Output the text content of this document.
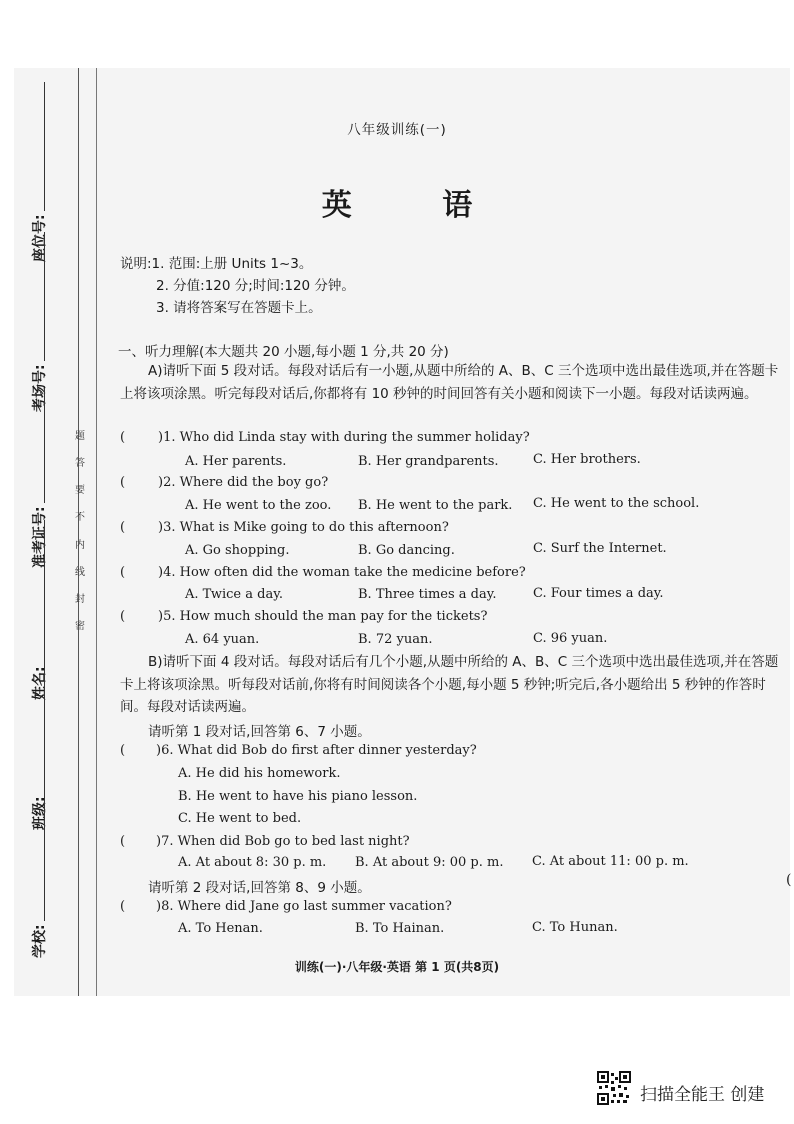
座位号:
考场号:
准考证号:
姓名:
班级:
学校:
题
答
要
不
内
线
封
密
八年级训练(一)
英 语
说明:1. 范围:上册 Units 1~3。
2. 分值:120 分;时间:120 分钟。
3. 请将答案写在答题卡上。
一、听力理解(本大题共 20 小题,每小题 1 分,共 20 分)
A)请听下面 5 段对话。每段对话后有一小题,从题中所给的 A、B、C 三个选项中选出最佳选项,并在答题卡上将该项涂黑。听完每段对话后,你都将有 10 秒钟的时间回答有关小题和阅读下一小题。每段对话读两遍。
(	)1. Who did Linda stay with during the summer holiday?
A. Her parents.	B. Her grandparents.	C. Her brothers.
(	)2. Where did the boy go?
A. He went to the zoo. B. He went to the park. C. He went to the school.
(	)3. What is Mike going to do this afternoon?
A. Go shopping.	B. Go dancing.	C. Surf the Internet.
(	)4. How often did the woman take the medicine before?
A. Twice a day.	B. Three times a day.	C. Four times a day.
(	)5. How much should the man pay for the tickets?
A. 64 yuan.	B. 72 yuan.	C. 96 yuan.
B)请听下面 4 段对话。每段对话后有几个小题,从题中所给的 A、B、C 三个选项中选出最佳选项,并在答题卡上将该项涂黑。听每段对话前,你将有时间阅读各个小题,每小题 5 秒钟;听完后,各小题给出 5 秒钟的作答时间。每段对话读两遍。
请听第 1 段对话,回答第 6、7 小题。
( )6. What did Bob do first after dinner yesterday?
A. He did his homework.
B. He went to have his piano lesson.
C. He went to bed.
( )7. When did Bob go to bed last night?
A. At about 8: 30 p. m. B. At about 9: 00 p. m. C. At about 11: 00 p. m.
请听第 2 段对话,回答第 8、9 小题。
( )8. Where did Jane go last summer vacation?
A. To Henan.	B. To Hainan.	C. To Hunan.
(
训练(一)·八年级·英语 第 1 页(共8页)
扫描全能王 创建
